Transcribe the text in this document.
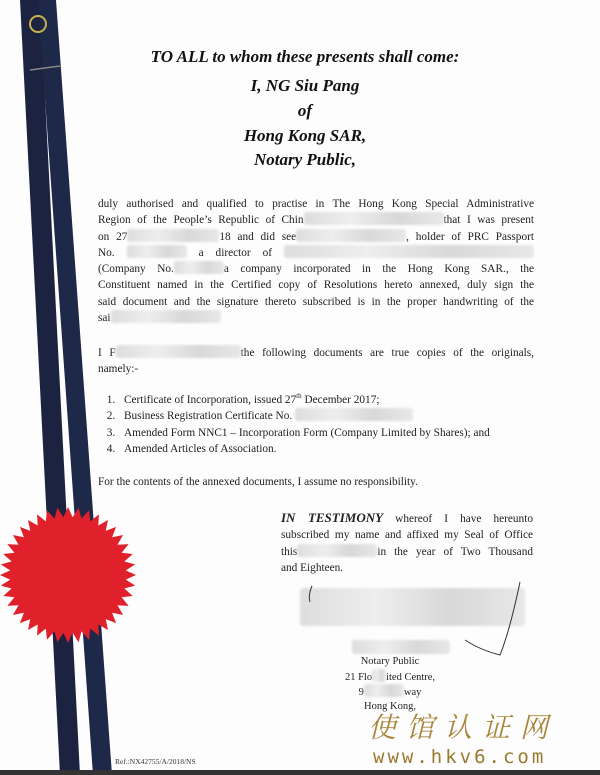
TO ALL to whom these presents shall come:
I, NG Siu Pang
of
Hong Kong SAR,
Notary Public,
duly authorised and qualified to practise in The Hong Kong Special Administrative
Region of the People’s Republic of Chin	that I was present
on 27	18 and did see	, holder of PRC Passport
No.	a director of
(Company No.	a company incorporated in the Hong Kong SAR., the
Constituent named in the Certified copy of Resolutions hereto annexed, duly sign the
said document and the signature thereto subscribed is in the proper handwriting of the
sai
I F	the following documents are true copies of the originals,
namely:-
1. Certificate of Incorporation, issued 27th December 2017;
2. Business Registration Certificate No.
3. Amended Form NNC1 – Incorporation Form (Company Limited by Shares); and
4. Amended Articles of Association.
For the contents of the annexed documents, I assume no responsibility.
IN TESTIMONY whereof I have hereunto
subscribed my name and affixed my Seal of Office
this	in the year of Two Thousand
and Eighteen.
Notary Public
21 Flo ited Centre,
9	way
Hong Kong,
Ref.:NX42755/A/2018/NS
使馆认证网
www.hkv6.com
